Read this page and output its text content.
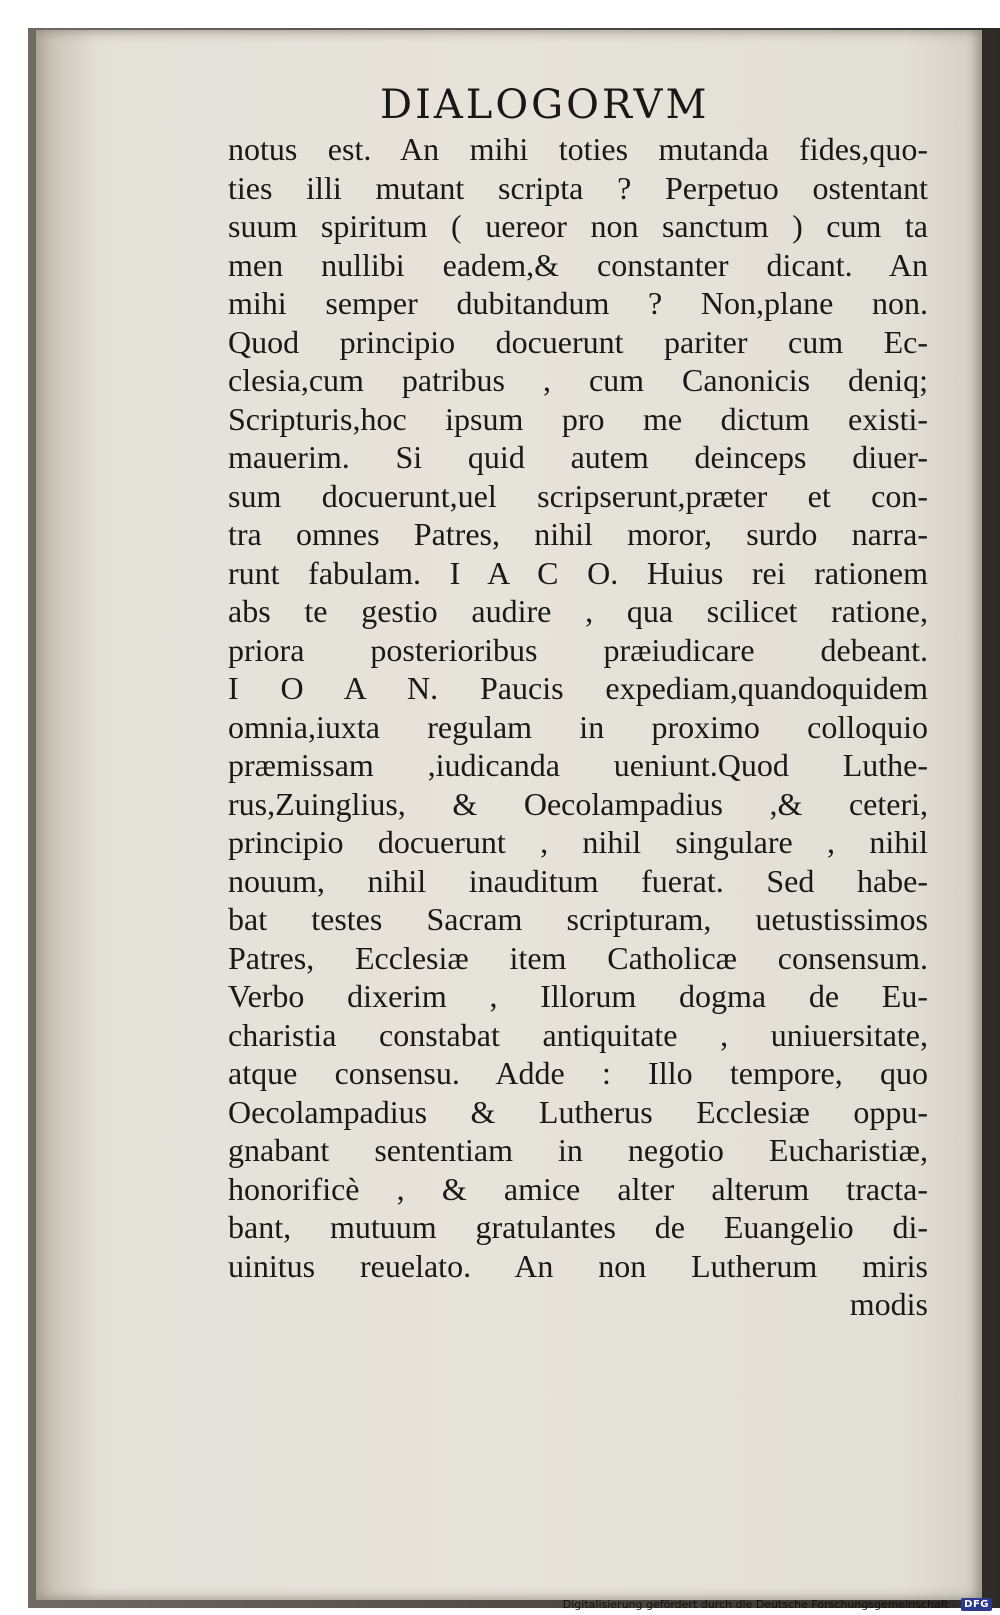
DIALOGORVM
notus est. An mihi toties mutanda fides,quo-
ties illi mutant scripta ? Perpetuo ostentant
suum spiritum ( uereor non sanctum ) cum ta
men nullibi eadem,& constanter dicant. An
mihi semper dubitandum ? Non,plane non.
Quod principio docuerunt pariter cum Ec-
clesia,cum patribus , cum Canonicis deniq;
Scripturis,hoc ipsum pro me dictum existi-
mauerim. Si quid autem deinceps diuer-
sum docuerunt,uel scripserunt,præter et con-
tra omnes Patres, nihil moror, surdo narra-
runt fabulam. I A C O. Huius rei rationem
abs te gestio audire , qua scilicet ratione,
priora posterioribus præiudicare debeant.
I O A N. Paucis expediam,quandoquidem
omnia,iuxta regulam in proximo colloquio
præmissam ,iudicanda ueniunt.Quod Luthe-
rus,Zuinglius, & Oecolampadius ,& ceteri,
principio docuerunt , nihil singulare , nihil
nouum, nihil inauditum fuerat. Sed habe-
bat testes Sacram scripturam, uetustissimos
Patres, Ecclesiæ item Catholicæ consensum.
Verbo dixerim , Illorum dogma de Eu-
charistia constabat antiquitate , uniuersitate,
atque consensu. Adde : Illo tempore, quo
Oecolampadius & Lutherus Ecclesiæ oppu-
gnabant sententiam in negotio Eucharistiæ,
honorificè , & amice alter alterum tracta-
bant, mutuum gratulantes de Euangelio di-
uinitus reuelato. An non Lutherum miris
modis
Digitalisierung gefördert durch die Deutsche Forschungsgemeinschaft - DFG
